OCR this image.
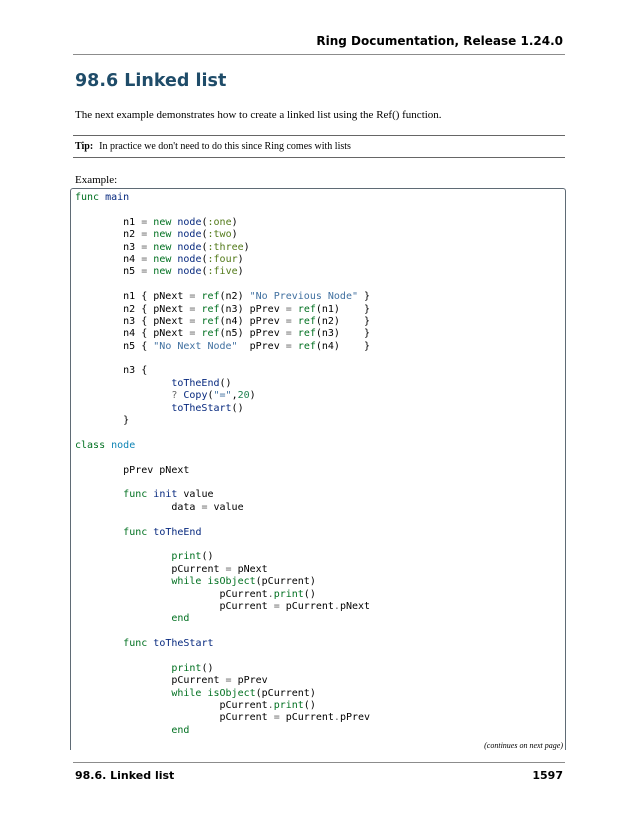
Ring Documentation, Release 1.24.0
98.6 Linked list
The next example demonstrates how to create a linked list using the Ref() function.
Tip: In practice we don't need to do this since Ring comes with lists
Example:
func main
n1 = new node(:one)
n2 = new node(:two)
n3 = new node(:three)
n4 = new node(:four)
n5 = new node(:five)
n1 { pNext = ref(n2) "No Previous Node" }
n2 { pNext = ref(n3) pPrev = ref(n1)    }
n3 { pNext = ref(n4) pPrev = ref(n2)    }
n4 { pNext = ref(n5) pPrev = ref(n3)    }
n5 { "No Next Node"  pPrev = ref(n4)    }
n3 {
toTheEnd()
? Copy("=",20)
toTheStart()
}
class node
pPrev pNext
func init value
data = value
func toTheEnd
print()
pCurrent = pNext
while isObject(pCurrent)
pCurrent.print()
pCurrent = pCurrent.pNext
end
func toTheStart
print()
pCurrent = pPrev
while isObject(pCurrent)
pCurrent.print()
pCurrent = pCurrent.pPrev
end
(continues on next page)
98.6. Linked list	1597
